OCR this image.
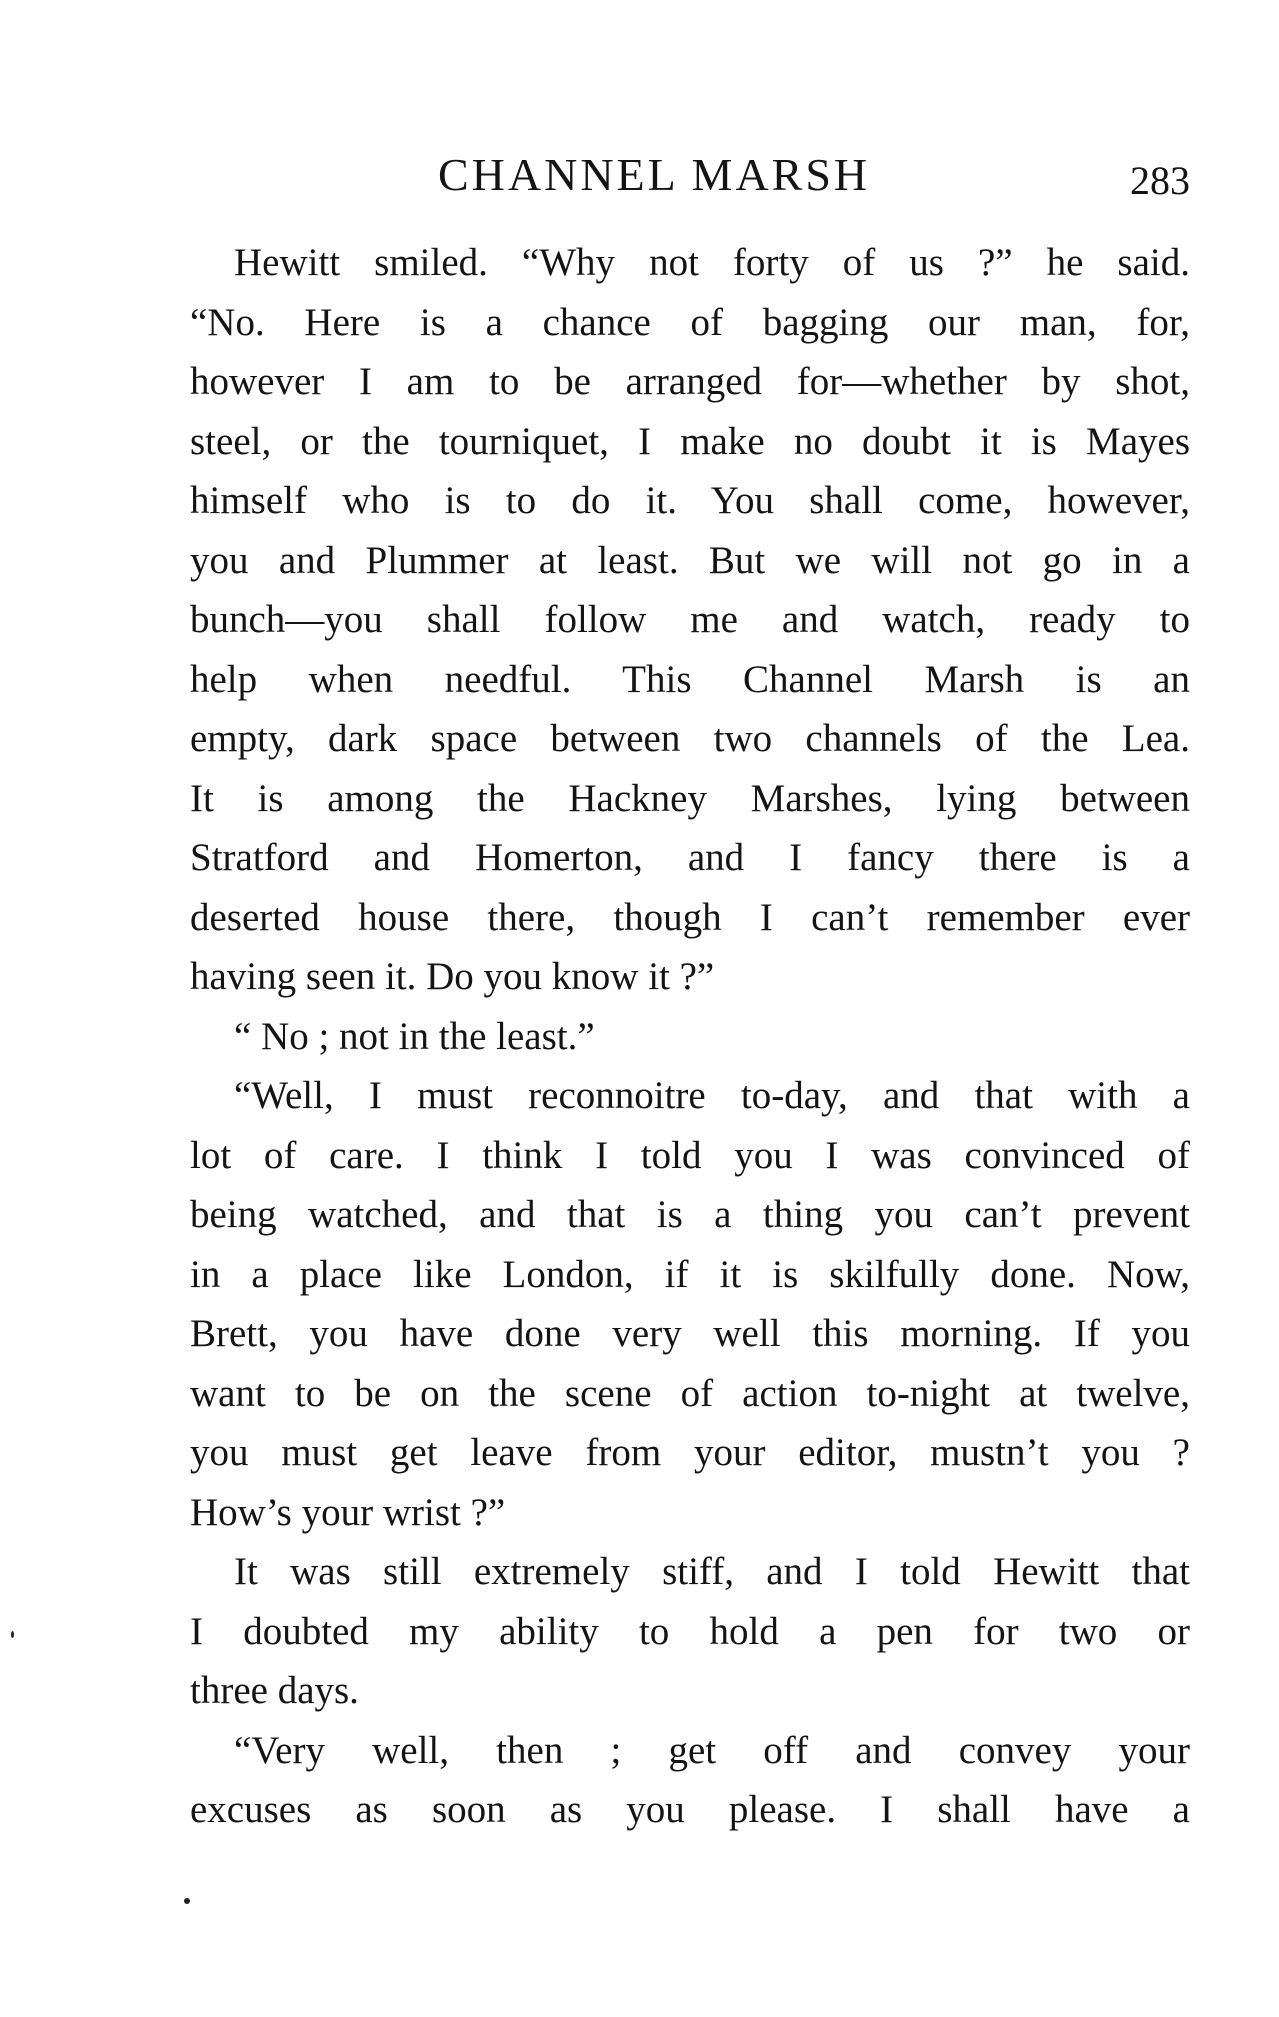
CHANNEL MARSH	283
Hewitt smiled. “Why not forty of us ?” he said.
“No. Here is a chance of bagging our man, for,
however I am to be arranged for—whether by shot,
steel, or the tourniquet, I make no doubt it is Mayes
himself who is to do it. You shall come, however,
you and Plummer at least. But we will not go in a
bunch—you shall follow me and watch, ready to
help when needful. This Channel Marsh is an
empty, dark space between two channels of the Lea.
It is among the Hackney Marshes, lying between
Stratford and Homerton, and I fancy there is a
deserted house there, though I can’t remember ever
having seen it. Do you know it ?”
“ No ; not in the least.”
“Well, I must reconnoitre to-day, and that with a
lot of care. I think I told you I was convinced of
being watched, and that is a thing you can’t prevent
in a place like London, if it is skilfully done. Now,
Brett, you have done very well this morning. If you
want to be on the scene of action to-night at twelve,
you must get leave from your editor, mustn’t you ?
How’s your wrist ?”
It was still extremely stiff, and I told Hewitt that
I doubted my ability to hold a pen for two or
three days.
“Very well, then ; get off and convey your
excuses as soon as you please. I shall have a
